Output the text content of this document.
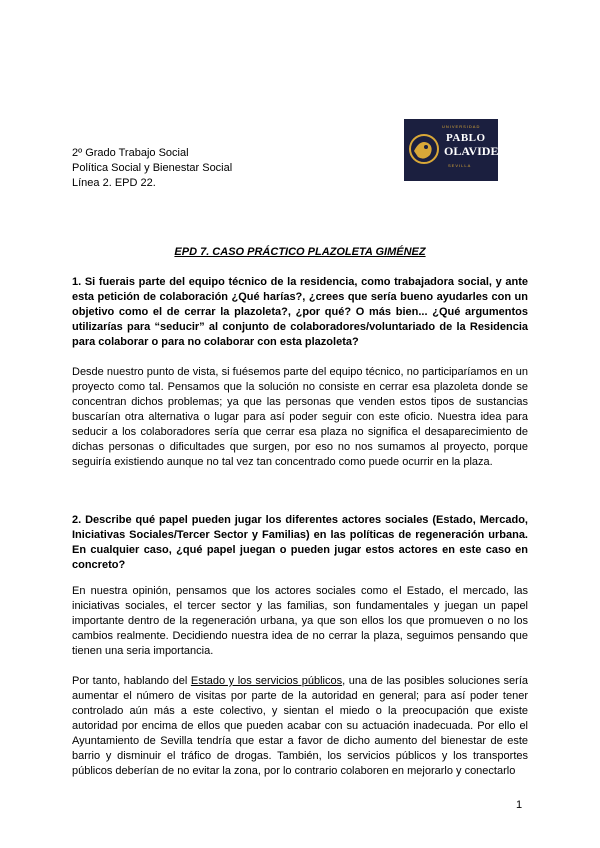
2º Grado Trabajo Social
Política Social y Bienestar Social
Línea 2. EPD 22.
UNIVERSIDAD
PABLO
OLAVIDE
SEVILLA
EPD 7. CASO PRÁCTICO PLAZOLETA GIMÉNEZ
1. Si fuerais parte del equipo técnico de la residencia, como trabajadora social, y ante esta petición de colaboración ¿Qué harías?, ¿crees que sería bueno ayudarles con un objetivo como el de cerrar la plazoleta?, ¿por qué? O más bien... ¿Qué argumentos utilizarías para “seducir” al conjunto de colaboradores/voluntariado de la Residencia para colaborar o para no colaborar con esta plazoleta?
Desde nuestro punto de vista, si fuésemos parte del equipo técnico, no participaríamos en un proyecto como tal. Pensamos que la solución no consiste en cerrar esa plazoleta donde se concentran dichos problemas; ya que las personas que venden estos tipos de sustancias buscarían otra alternativa o lugar para así poder seguir con este oficio. Nuestra idea para seducir a los colaboradores sería que cerrar esa plaza no significa el desaparecimiento de dichas personas o dificultades que surgen, por eso no nos sumamos al proyecto, porque seguiría existiendo aunque no tal vez tan concentrado como puede ocurrir en la plaza.
2. Describe qué papel pueden jugar los diferentes actores sociales (Estado, Mercado, Iniciativas Sociales/Tercer Sector y Familias) en las políticas de regeneración urbana. En cualquier caso, ¿qué papel juegan o pueden jugar estos actores en este caso en concreto?
En nuestra opinión, pensamos que los actores sociales como el Estado, el mercado, las iniciativas sociales, el tercer sector y las familias, son fundamentales y juegan un papel importante dentro de la regeneración urbana, ya que son ellos los que promueven o no los cambios realmente. Decidiendo nuestra idea de no cerrar la plaza, seguimos pensando que tienen una seria importancia.
Por tanto, hablando del Estado y los servicios públicos, una de las posibles soluciones sería aumentar el número de visitas por parte de la autoridad en general; para así poder tener controlado aún más a este colectivo, y sientan el miedo o la preocupación que existe autoridad por encima de ellos que pueden acabar con su actuación inadecuada. Por ello el Ayuntamiento de Sevilla tendría que estar a favor de dicho aumento del bienestar de este barrio y disminuir el tráfico de drogas. También, los servicios públicos y los transportes públicos deberían de no evitar la zona, por lo contrario colaboren en mejorarlo y conectarlo
1
